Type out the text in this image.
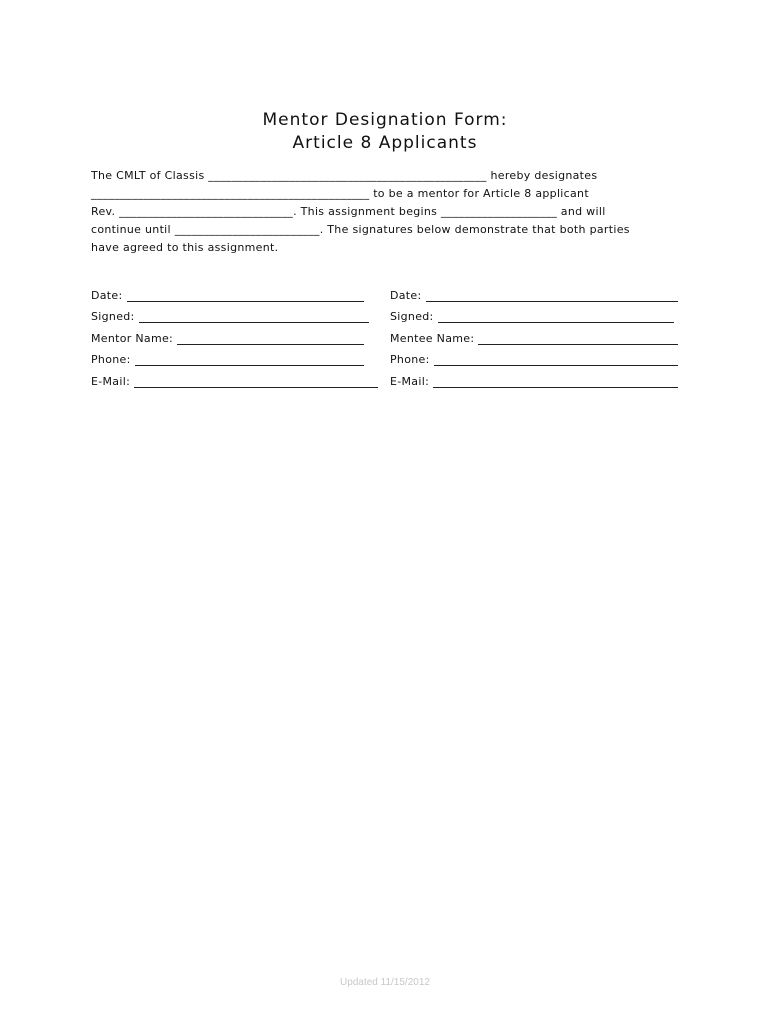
Mentor Designation Form:
Article 8 Applicants
The CMLT of Classis ________________________________________________ hereby designates
________________________________________________ to be a mentor for Article 8 applicant
Rev. ______________________________. This assignment begins ____________________ and will
continue until _________________________. The signatures below demonstrate that both parties
have agreed to this assignment.
Date:
Signed:
Mentor Name:
Phone:
E-Mail:
Date:
Signed:
Mentee Name:
Phone:
E-Mail:
Updated 11/15/2012
